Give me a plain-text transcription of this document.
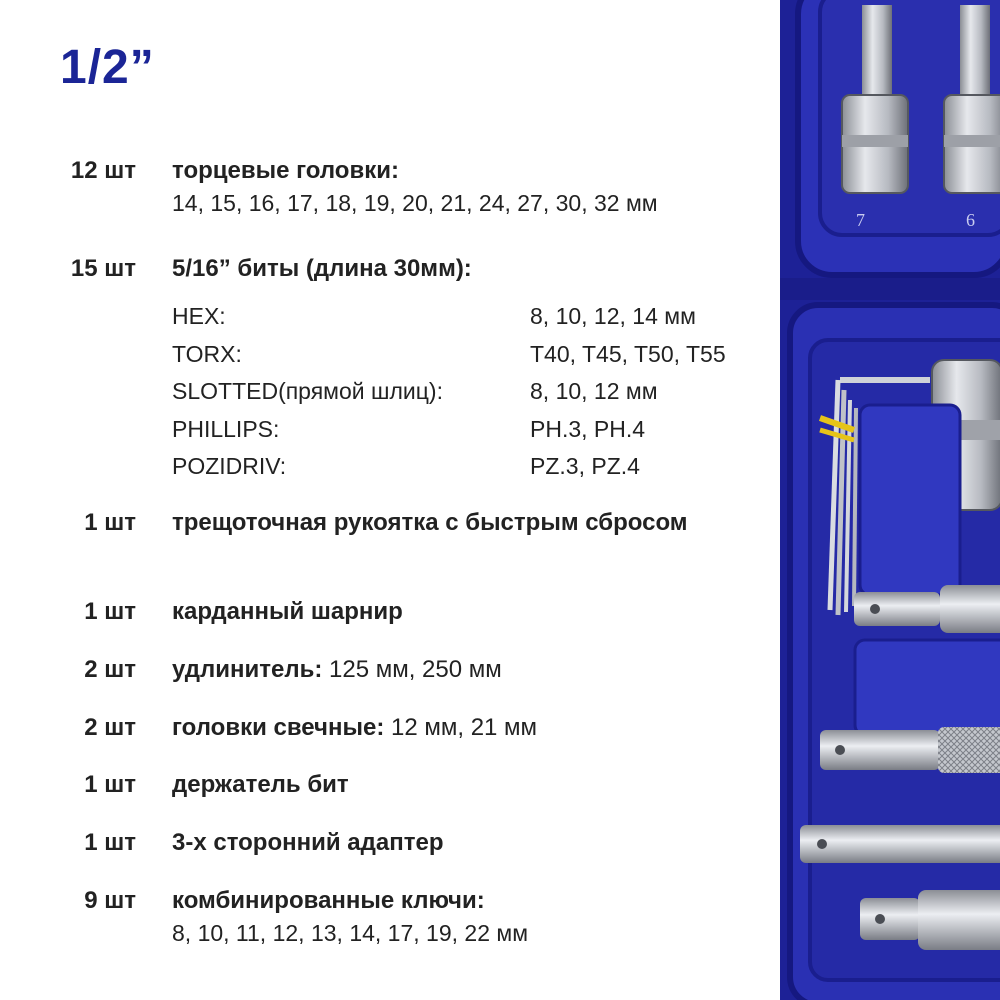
1/2”
12 шт торцевые головки:
14, 15, 16, 17, 18, 19, 20, 21, 24, 27, 30, 32 мм
15 шт 5/16” биты (длина 30мм):
HEX:	8, 10, 12, 14 мм
TORX:	T40, T45, T50, T55
SLOTTED(прямой шлиц):	8, 10, 12 мм
PHILLIPS:	PH.3, PH.4
POZIDRIV:	PZ.3, PZ.4
1 шт трещоточная рукоятка с быстрым сбросом
1 шт карданный шарнир
2 шт удлинитель: 125 мм, 250 мм
2 шт головки свечные: 12 мм, 21 мм
1 шт держатель бит
1 шт 3-х сторонний адаптер
9 шт комбинированные ключи:
8, 10, 11, 12, 13, 14, 17, 19, 22 мм
7	6
